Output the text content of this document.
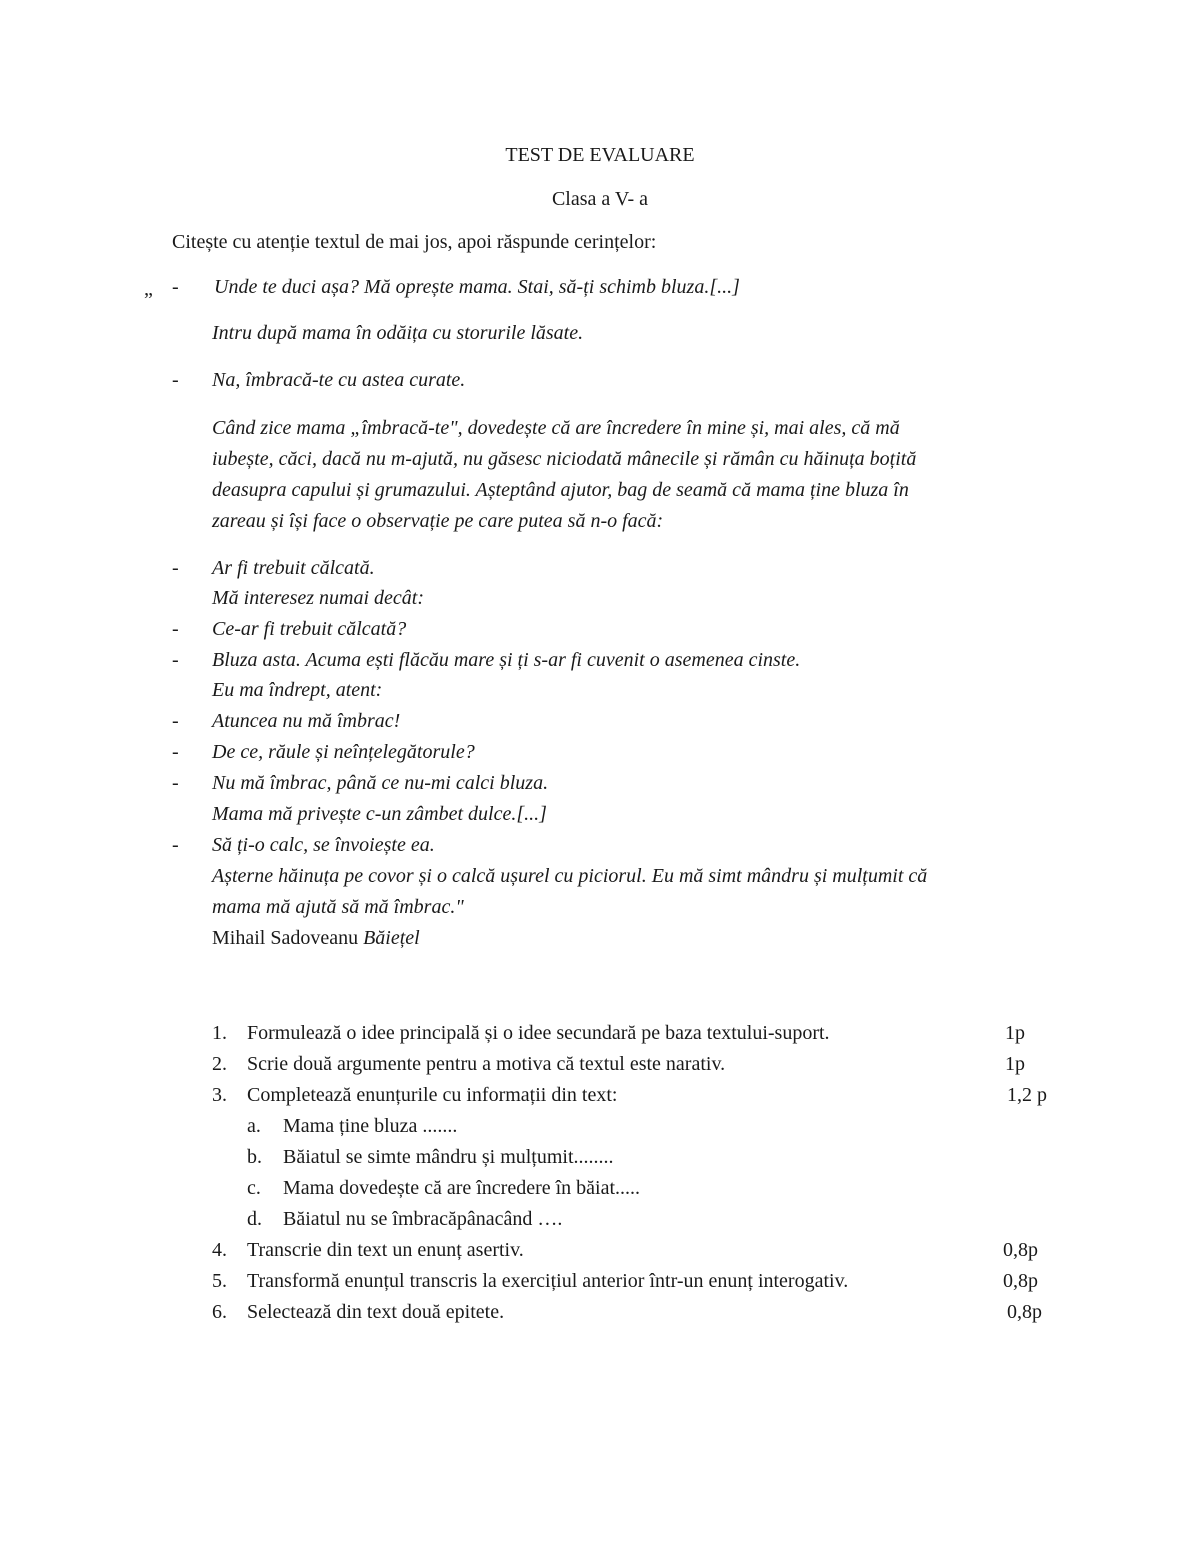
TEST DE EVALUARE
Clasa a V- a
Citește cu atenție textul de mai jos, apoi răspunde cerințelor:
„ - Unde te duci așa? Mă oprește mama. Stai, să-ți schimb bluza.[...]
Intru după mama în odăița cu storurile lăsate.
- Na, îmbracă-te cu astea curate.
Când zice mama „îmbracă-te", dovedește că are încredere în mine și, mai ales, că mă
iubește, căci, dacă nu m-ajută, nu găsesc niciodată mânecile și rămân cu hăinuța boțită
deasupra capului și grumazului. Așteptând ajutor, bag de seamă că mama ține bluza în
zareau și își face o observație pe care putea să n-o facă:
- Ar fi trebuit călcată.
Mă interesez numai decât:
- Ce-ar fi trebuit călcată?
- Bluza asta. Acuma ești flăcău mare și ți s-ar fi cuvenit o asemenea cinste.
Eu ma îndrept, atent:
- Atuncea nu mă îmbrac!
- De ce, răule și neînțelegătorule?
- Nu mă îmbrac, până ce nu-mi calci bluza.
Mama mă privește c-un zâmbet dulce.[...]
- Să ți-o calc, se învoiește ea.
Așterne hăinuța pe covor și o calcă ușurel cu piciorul. Eu mă simt mândru și mulțumit că
mama mă ajută să mă îmbrac."
Mihail Sadoveanu Băiețel
1. Formulează o idee principală și o idee secundară pe baza textului-suport.	1p
2. Scrie două argumente pentru a motiva că textul este narativ.	1p
3. Completează enunțurile cu informații din text:	1,2 p
a. Mama ține bluza .......
b. Băiatul se simte mândru și mulțumit........
c. Mama dovedește că are încredere în băiat.....
d. Băiatul nu se îmbracăpânacând ….
4. Transcrie din text un enunț asertiv.	0,8p
5. Transformă enunțul transcris la exercițiul anterior într-un enunț interogativ.	0,8p
6. Selectează din text două epitete.	0,8p
